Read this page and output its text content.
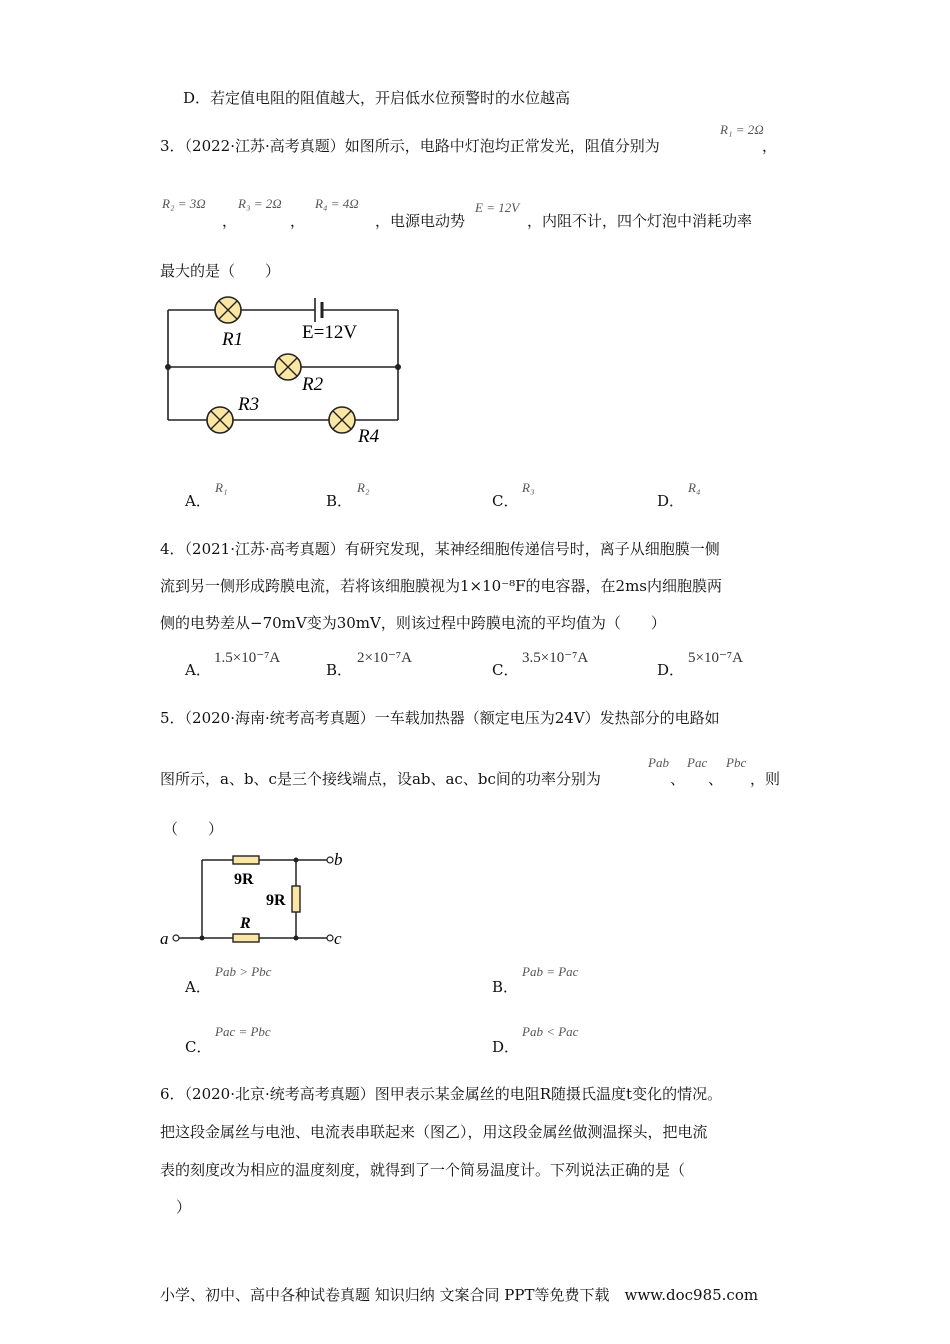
D．若定值电阻的阻值越大，开启低水位预警时的水位越高
3．（2022·江苏·高考真题）如图所示，电路中灯泡均正常发光，阻值分别为
R₁ = 2Ω
，
R₂ = 3Ω
，
R₃ = 2Ω
，
R₄ = 4Ω
，电源电动势
E = 12V
，内阻不计，四个灯泡中消耗功率
最大的是（　　）
R1	E=12V
R2
R3
R4
A．
R₁
B．
R₂
C．
R₃
D．
R₄
4．（2021·江苏·高考真题）有研究发现，某神经细胞传递信号时，离子从细胞膜一侧
流到另一侧形成跨膜电流，若将该细胞膜视为1×10⁻⁸F的电容器，在2ms内细胞膜两
侧的电势差从−70mV变为30mV，则该过程中跨膜电流的平均值为（　　）
A．
1.5×10⁻⁷A
B．
2×10⁻⁷A
C．
3.5×10⁻⁷A
D．
5×10⁻⁷A
5．（2020·海南·统考高考真题）一车载加热器（额定电压为24V）发热部分的电路如
图所示，a、b、c是三个接线端点，设ab、ac、bc间的功率分别为
Pab
、
Pac
、
Pbc
，则
（　　）
b
a	c
9R
9R
R
A．
Pab > Pbc
B．
Pab = Pac
C．
Pac = Pbc
D．
Pab < Pac
6．（2020·北京·统考高考真题）图甲表示某金属丝的电阻R随摄氏温度t变化的情况。
把这段金属丝与电池、电流表串联起来（图乙），用这段金属丝做测温探头，把电流
表的刻度改为相应的温度刻度，就得到了一个简易温度计。下列说法正确的是（
）
小学、初中、高中各种试卷真题 知识归纳 文案合同 PPT等免费下载　www.doc985.com
